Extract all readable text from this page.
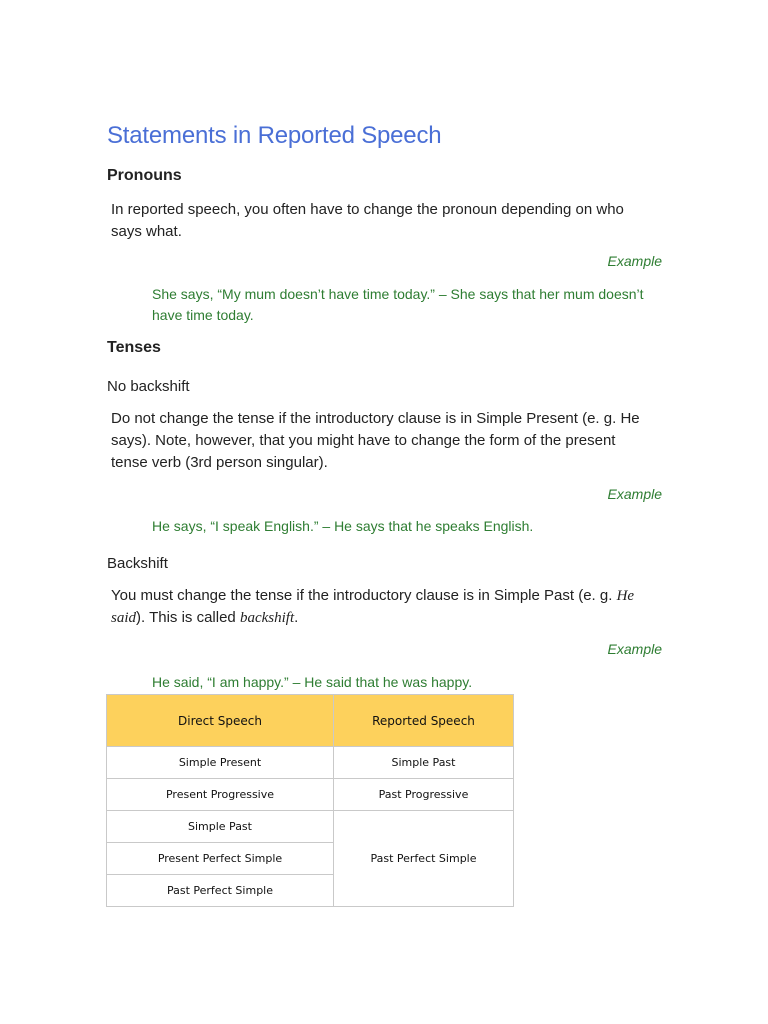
Statements in Reported Speech
Pronouns

In reported speech, you often have to change the pronoun depending on who says what.

Example

She says, “My mum doesn’t have time today.” – She says that her mum doesn’t have time today.

Tenses
No backshift

Do not change the tense if the introductory clause is in Simple Present (e. g. He says). Note, however, that you might have to change the form of the present tense verb (3rd person singular).

Example

He says, “I speak English.” – He says that he speaks English.

Backshift

You must change the tense if the introductory clause is in Simple Past (e. g. He said). This is called backshift.

Example

He said, “I am happy.” – He said that he was happy.

Direct Speech	Reported Speech
Simple Present	Simple Past
Present Progressive	Past Progressive
Simple Past	Past Perfect Simple
Present Perfect Simple	
Past Perfect Simple	
